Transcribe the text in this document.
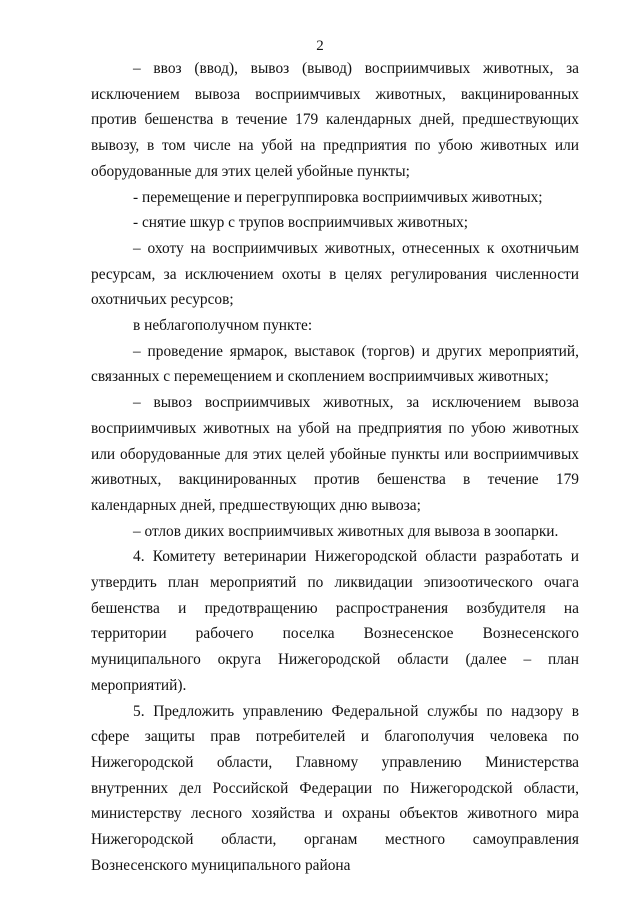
2

– ввоз (ввод), вывоз (вывод) восприимчивых животных, за исключением вывоза восприимчивых животных, вакцинированных против бешенства в течение 179 календарных дней, предшествующих вывозу, в том числе на убой на предприятия по убою животных или оборудованные для этих целей убойные пункты;

- перемещение и перегруппировка восприимчивых животных;

- снятие шкур с трупов восприимчивых животных;

– охоту на восприимчивых животных, отнесенных к охотничьим ресурсам, за исключением охоты в целях регулирования численности охотничьих ресурсов;

в неблагополучном пункте:

– проведение ярмарок, выставок (торгов) и других мероприятий, связанных с перемещением и скоплением восприимчивых животных;

– вывоз восприимчивых животных, за исключением вывоза восприимчивых животных на убой на предприятия по убою животных или оборудованные для этих целей убойные пункты или восприимчивых животных, вакцинированных против бешенства в течение 179 календарных дней, предшествующих дню вывоза;

– отлов диких восприимчивых животных для вывоза в зоопарки.

4. Комитету ветеринарии Нижегородской области разработать и утвердить план мероприятий по ликвидации эпизоотического очага бешенства и предотвращению распространения возбудителя на территории рабочего поселка Вознесенское Вознесенского муниципального округа Нижегородской области (далее – план мероприятий).

5. Предложить управлению Федеральной службы по надзору в сфере защиты прав потребителей и благополучия человека по Нижегородской области, Главному управлению Министерства внутренних дел Российской Федерации по Нижегородской области, министерству лесного хозяйства и охраны объектов животного мира Нижегородской области, органам местного самоуправления Вознесенского муниципального района
